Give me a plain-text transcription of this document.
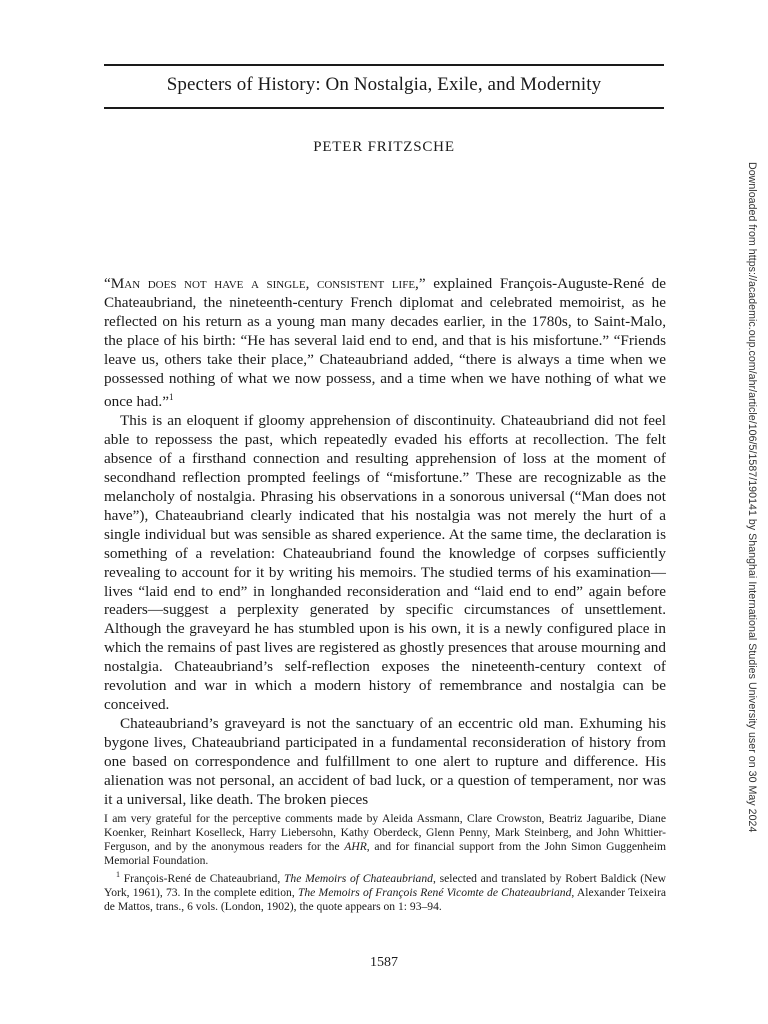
Specters of History: On Nostalgia, Exile, and Modernity
PETER FRITZSCHE
Downloaded from https://academic.oup.com/ahr/article/106/5/1587/190141 by Shanghai International Studies University user on 30 May 2024

“Man does not have a single, consistent life,” explained François-Auguste-René de Chateaubriand, the nineteenth-century French diplomat and celebrated memoirist, as he reflected on his return as a young man many decades earlier, in the 1780s, to Saint-Malo, the place of his birth: “He has several laid end to end, and that is his misfortune.” “Friends leave us, others take their place,” Chateaubriand added, “there is always a time when we possessed nothing of what we now possess, and a time when we have nothing of what we once had.”$^1$

This is an eloquent if gloomy apprehension of discontinuity. Chateaubriand did not feel able to repossess the past, which repeatedly evaded his efforts at recollection. The felt absence of a firsthand connection and resulting apprehension of loss at the moment of secondhand reflection prompted feelings of “misfortune.” These are recognizable as the melancholy of nostalgia. Phrasing his observations in a sonorous universal (“Man does not have”), Chateaubriand clearly indicated that his nostalgia was not merely the hurt of a single individual but was sensible as shared experience. At the same time, the declaration is something of a revelation: Chateaubriand found the knowledge of corpses sufficiently revealing to account for it by writing his memoirs. The studied terms of his examination—lives “laid end to end” in longhanded reconsideration and “laid end to end” again before readers—suggest a perplexity generated by specific circumstances of unsettlement. Although the graveyard he has stumbled upon is his own, it is a newly configured place in which the remains of past lives are registered as ghostly presences that arouse mourning and nostalgia. Chateaubriand’s self-reflection exposes the nineteenth-century context of revolution and war in which a modern history of remembrance and nostalgia can be conceived.

Chateaubriand’s graveyard is not the sanctuary of an eccentric old man. Exhuming his bygone lives, Chateaubriand participated in a fundamental reconsideration of history from one based on correspondence and fulfillment to one alert to rupture and difference. His alienation was not personal, an accident of bad luck, or a question of temperament, nor was it a universal, like death. The broken pieces

I am very grateful for the perceptive comments made by Aleida Assmann, Clare Crowston, Beatriz Jaguaribe, Diane Koenker, Reinhart Koselleck, Harry Liebersohn, Kathy Oberdeck, Glenn Penny, Mark Steinberg, and John Whittier-Ferguson, and by the anonymous readers for the AHR, and for financial support from the John Simon Guggenheim Memorial Foundation.

$^1$ François-René de Chateaubriand, The Memoirs of Chateaubriand, selected and translated by Robert Baldick (New York, 1961), 73. In the complete edition, The Memoirs of François René Vicomte de Chateaubriand, Alexander Teixeira de Mattos, trans., 6 vols. (London, 1902), the quote appears on 1: 93–94.

1587
